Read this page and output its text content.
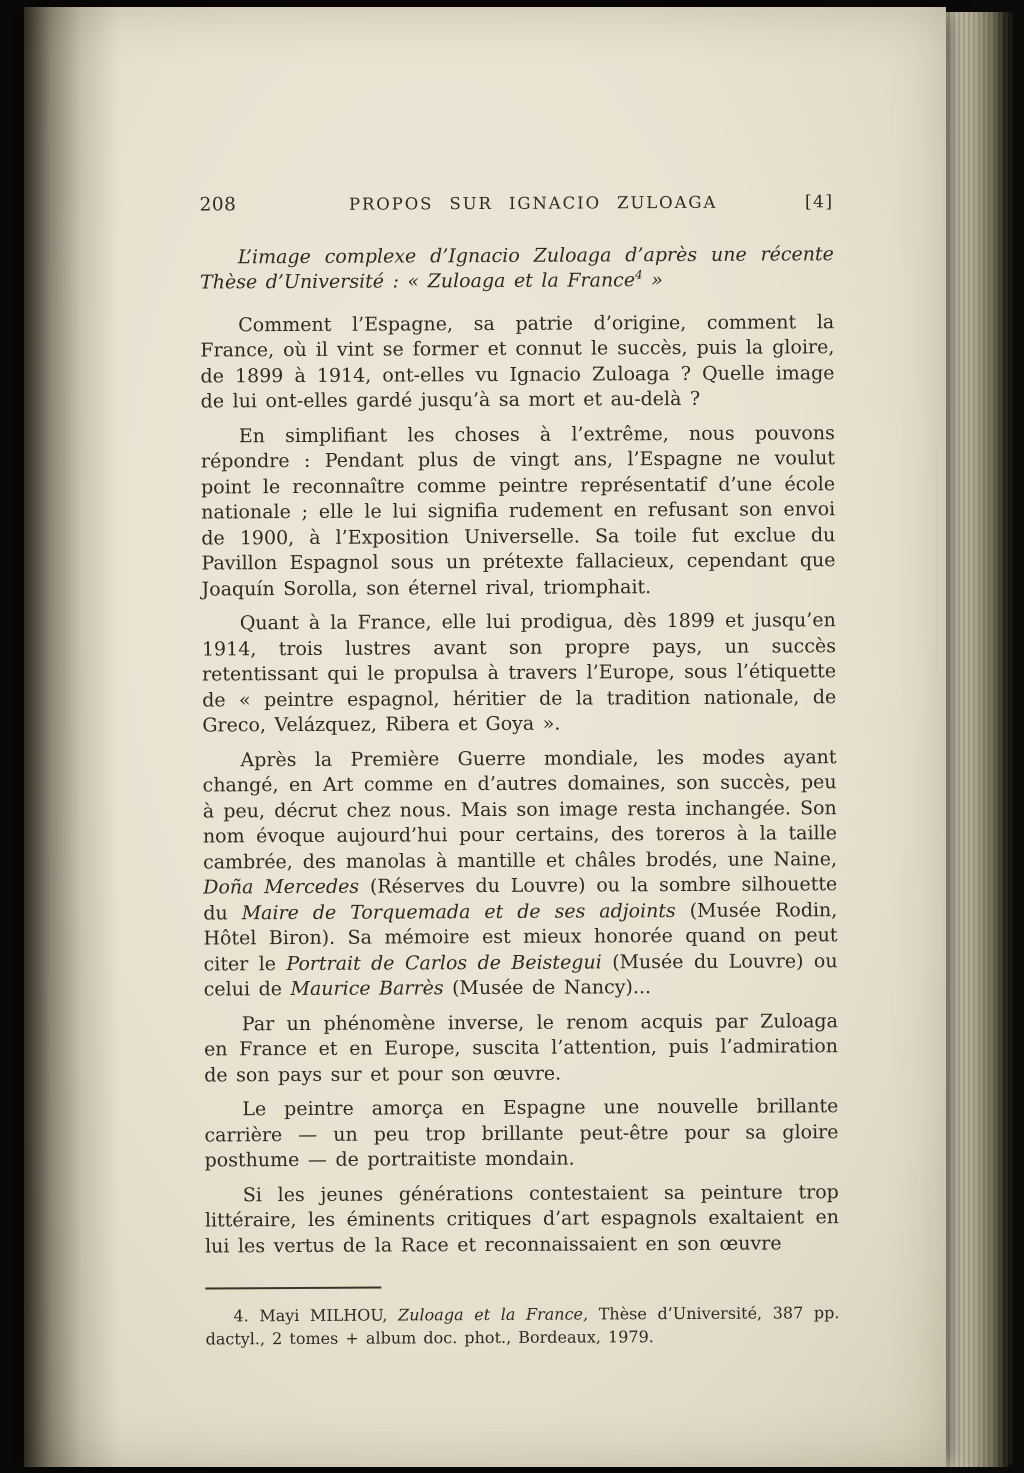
208	PROPOS SUR IGNACIO ZULOAGA	[4]

L’image complexe d’Ignacio Zuloaga d’après une récente Thèse d’Université : « Zuloaga et la France$^4$ »

Comment l’Espagne, sa patrie d’origine, comment la France, où il vint se former et connut le succès, puis la gloire, de 1899 à 1914, ont-elles vu Ignacio Zuloaga ? Quelle image de lui ont-elles gardé jusqu’à sa mort et au-delà ?

En simplifiant les choses à l’extrême, nous pouvons répondre : Pendant plus de vingt ans, l’Espagne ne voulut point le reconnaître comme peintre représentatif d’une école nationale ; elle le lui signifia rudement en refusant son envoi de 1900, à l’Exposition Universelle. Sa toile fut exclue du Pavillon Espagnol sous un prétexte fallacieux, cependant que Joaquín Sorolla, son éternel rival, triomphait.

Quant à la France, elle lui prodigua, dès 1899 et jusqu’en 1914, trois lustres avant son propre pays, un succès retentissant qui le propulsa à travers l’Europe, sous l’étiquette de « peintre espagnol, héritier de la tradition nationale, de Greco, Velázquez, Ribera et Goya ».

Après la Première Guerre mondiale, les modes ayant changé, en Art comme en d’autres domaines, son succès, peu à peu, décrut chez nous. Mais son image resta inchangée. Son nom évoque aujourd’hui pour certains, des toreros à la taille cambrée, des manolas à mantille et châles brodés, une Naine, Doña Mercedes (Réserves du Louvre) ou la sombre silhouette du Maire de Torquemada et de ses adjoints (Musée Rodin, Hôtel Biron). Sa mémoire est mieux honorée quand on peut citer le Portrait de Carlos de Beistegui (Musée du Louvre) ou celui de Maurice Barrès (Musée de Nancy)...

Par un phénomène inverse, le renom acquis par Zuloaga en France et en Europe, suscita l’attention, puis l’admiration de son pays sur et pour son œuvre.

Le peintre amorça en Espagne une nouvelle brillante carrière — un peu trop brillante peut-être pour sa gloire posthume — de portraitiste mondain.

Si les jeunes générations contestaient sa peinture trop littéraire, les éminents critiques d’art espagnols exaltaient en lui les vertus de la Race et reconnaissaient en son œuvre

4. Mayi MILHOU, Zuloaga et la France, Thèse d’Université, 387 pp. dactyl., 2 tomes + album doc. phot., Bordeaux, 1979.
